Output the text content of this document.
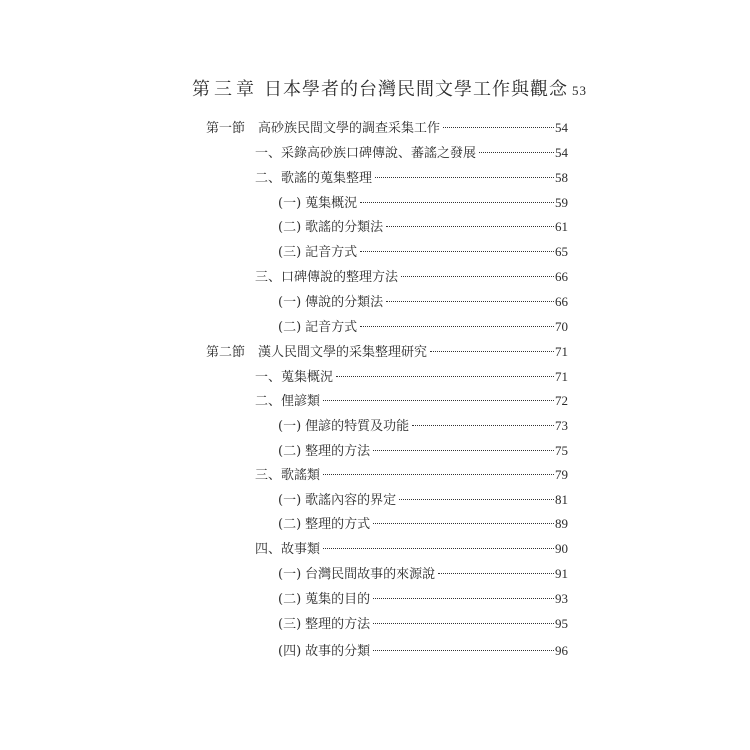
第三章 日本學者的台灣民間文學工作與觀念 53
第一節 高砂族民間文學的調查采集工作	54
一、采錄高砂族口碑傳說、蕃謠之發展	54
二、歌謠的蒐集整理	58
(一) 蒐集概況	59
(二) 歌謠的分類法	61
(三) 記音方式	65
三、口碑傳說的整理方法	66
(一) 傳說的分類法	66
(二) 記音方式	70
第二節 漢人民間文學的采集整理研究	71
一、蒐集概況	71
二、俚諺類	72
(一) 俚諺的特質及功能	73
(二) 整理的方法	75
三、歌謠類	79
(一) 歌謠內容的界定	81
(二) 整理的方式	89
四、故事類	90
(一) 台灣民間故事的來源說	91
(二) 蒐集的目的	93
(三) 整理的方法	95
(四) 故事的分類	96
